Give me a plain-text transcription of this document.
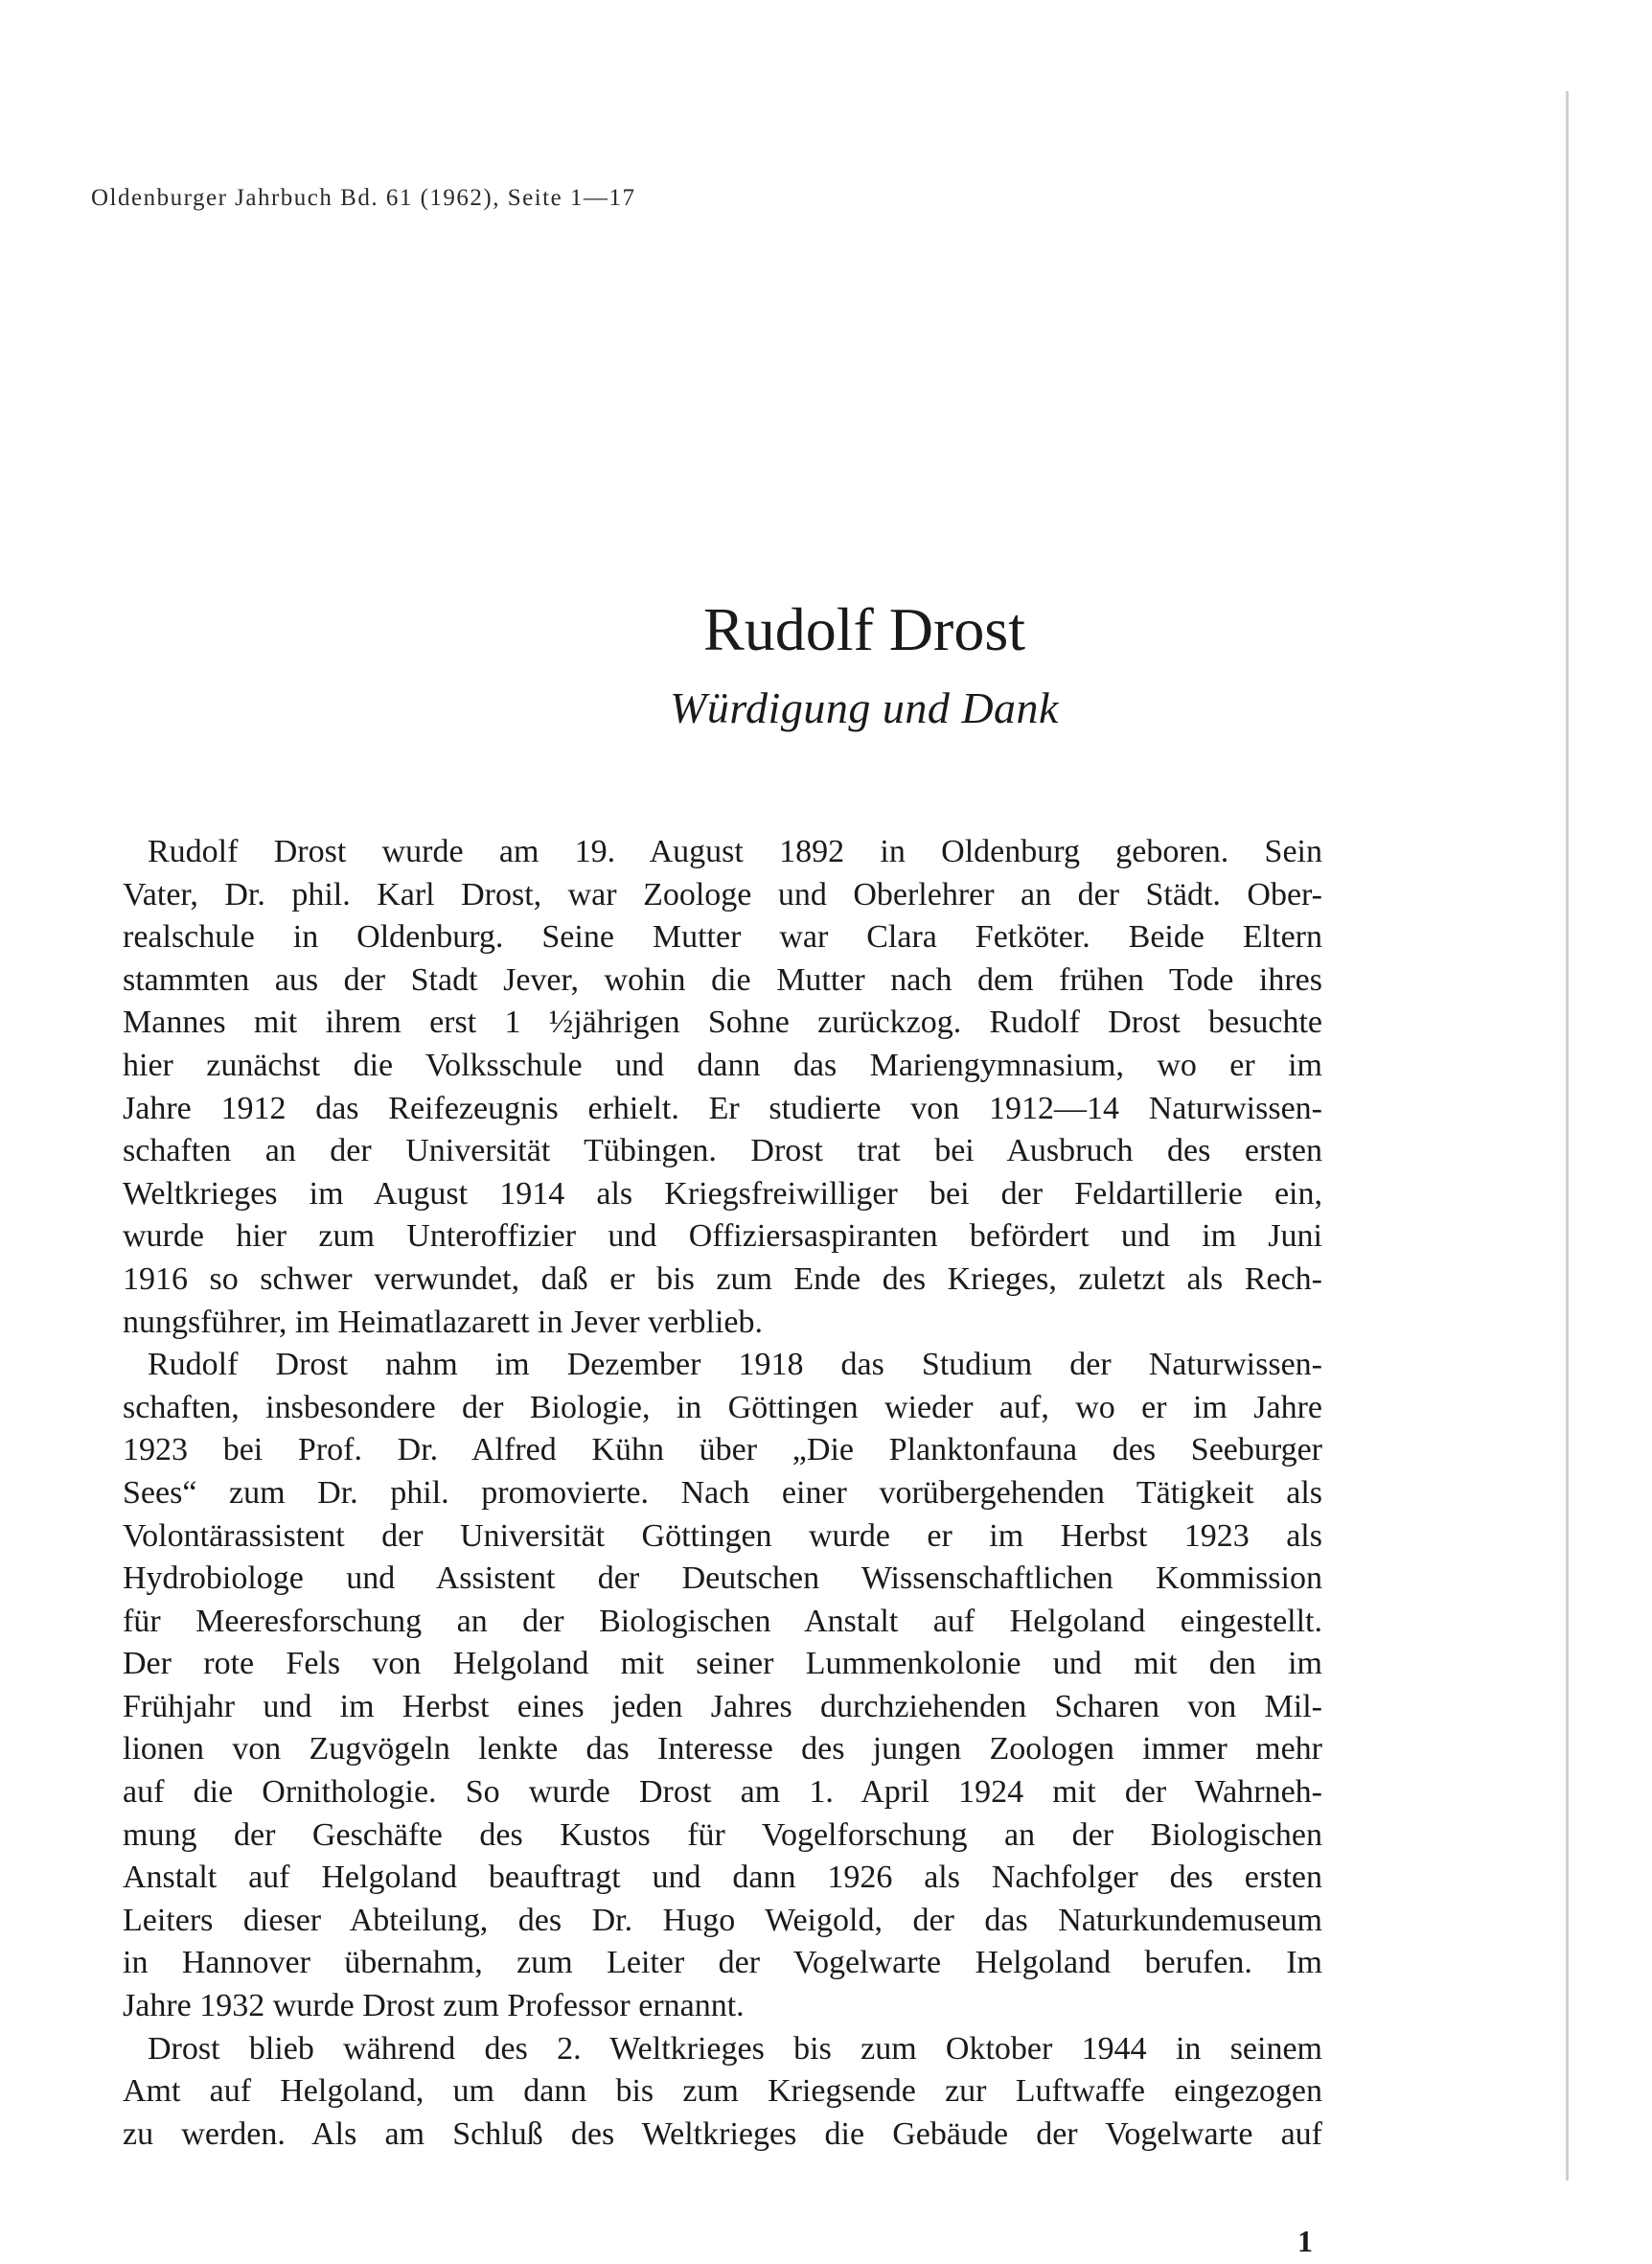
Oldenburger Jahrbuch Bd. 61 (1962), Seite 1—17
Rudolf Drost
Würdigung und Dank
Rudolf Drost wurde am 19. August 1892 in Oldenburg geboren. Sein
Vater, Dr. phil. Karl Drost, war Zoologe und Oberlehrer an der Städt. Ober-
realschule in Oldenburg. Seine Mutter war Clara Fetköter. Beide Eltern
stammten aus der Stadt Jever, wohin die Mutter nach dem frühen Tode ihres
Mannes mit ihrem erst 1 ½jährigen Sohne zurückzog. Rudolf Drost besuchte
hier zunächst die Volksschule und dann das Mariengymnasium, wo er im
Jahre 1912 das Reifezeugnis erhielt. Er studierte von 1912—14 Naturwissen-
schaften an der Universität Tübingen. Drost trat bei Ausbruch des ersten
Weltkrieges im August 1914 als Kriegsfreiwilliger bei der Feldartillerie ein,
wurde hier zum Unteroffizier und Offiziersaspiranten befördert und im Juni
1916 so schwer verwundet, daß er bis zum Ende des Krieges, zuletzt als Rech-
nungsführer, im Heimatlazarett in Jever verblieb.
Rudolf Drost nahm im Dezember 1918 das Studium der Naturwissen-
schaften, insbesondere der Biologie, in Göttingen wieder auf, wo er im Jahre
1923 bei Prof. Dr. Alfred Kühn über „Die Planktonfauna des Seeburger
Sees“ zum Dr. phil. promovierte. Nach einer vorübergehenden Tätigkeit als
Volontärassistent der Universität Göttingen wurde er im Herbst 1923 als
Hydrobiologe und Assistent der Deutschen Wissenschaftlichen Kommission
für Meeresforschung an der Biologischen Anstalt auf Helgoland eingestellt.
Der rote Fels von Helgoland mit seiner Lummenkolonie und mit den im
Frühjahr und im Herbst eines jeden Jahres durchziehenden Scharen von Mil-
lionen von Zugvögeln lenkte das Interesse des jungen Zoologen immer mehr
auf die Ornithologie. So wurde Drost am 1. April 1924 mit der Wahrneh-
mung der Geschäfte des Kustos für Vogelforschung an der Biologischen
Anstalt auf Helgoland beauftragt und dann 1926 als Nachfolger des ersten
Leiters dieser Abteilung, des Dr. Hugo Weigold, der das Naturkundemuseum
in Hannover übernahm, zum Leiter der Vogelwarte Helgoland berufen. Im
Jahre 1932 wurde Drost zum Professor ernannt.
Drost blieb während des 2. Weltkrieges bis zum Oktober 1944 in seinem
Amt auf Helgoland, um dann bis zum Kriegsende zur Luftwaffe eingezogen
zu werden. Als am Schluß des Weltkrieges die Gebäude der Vogelwarte auf
1
